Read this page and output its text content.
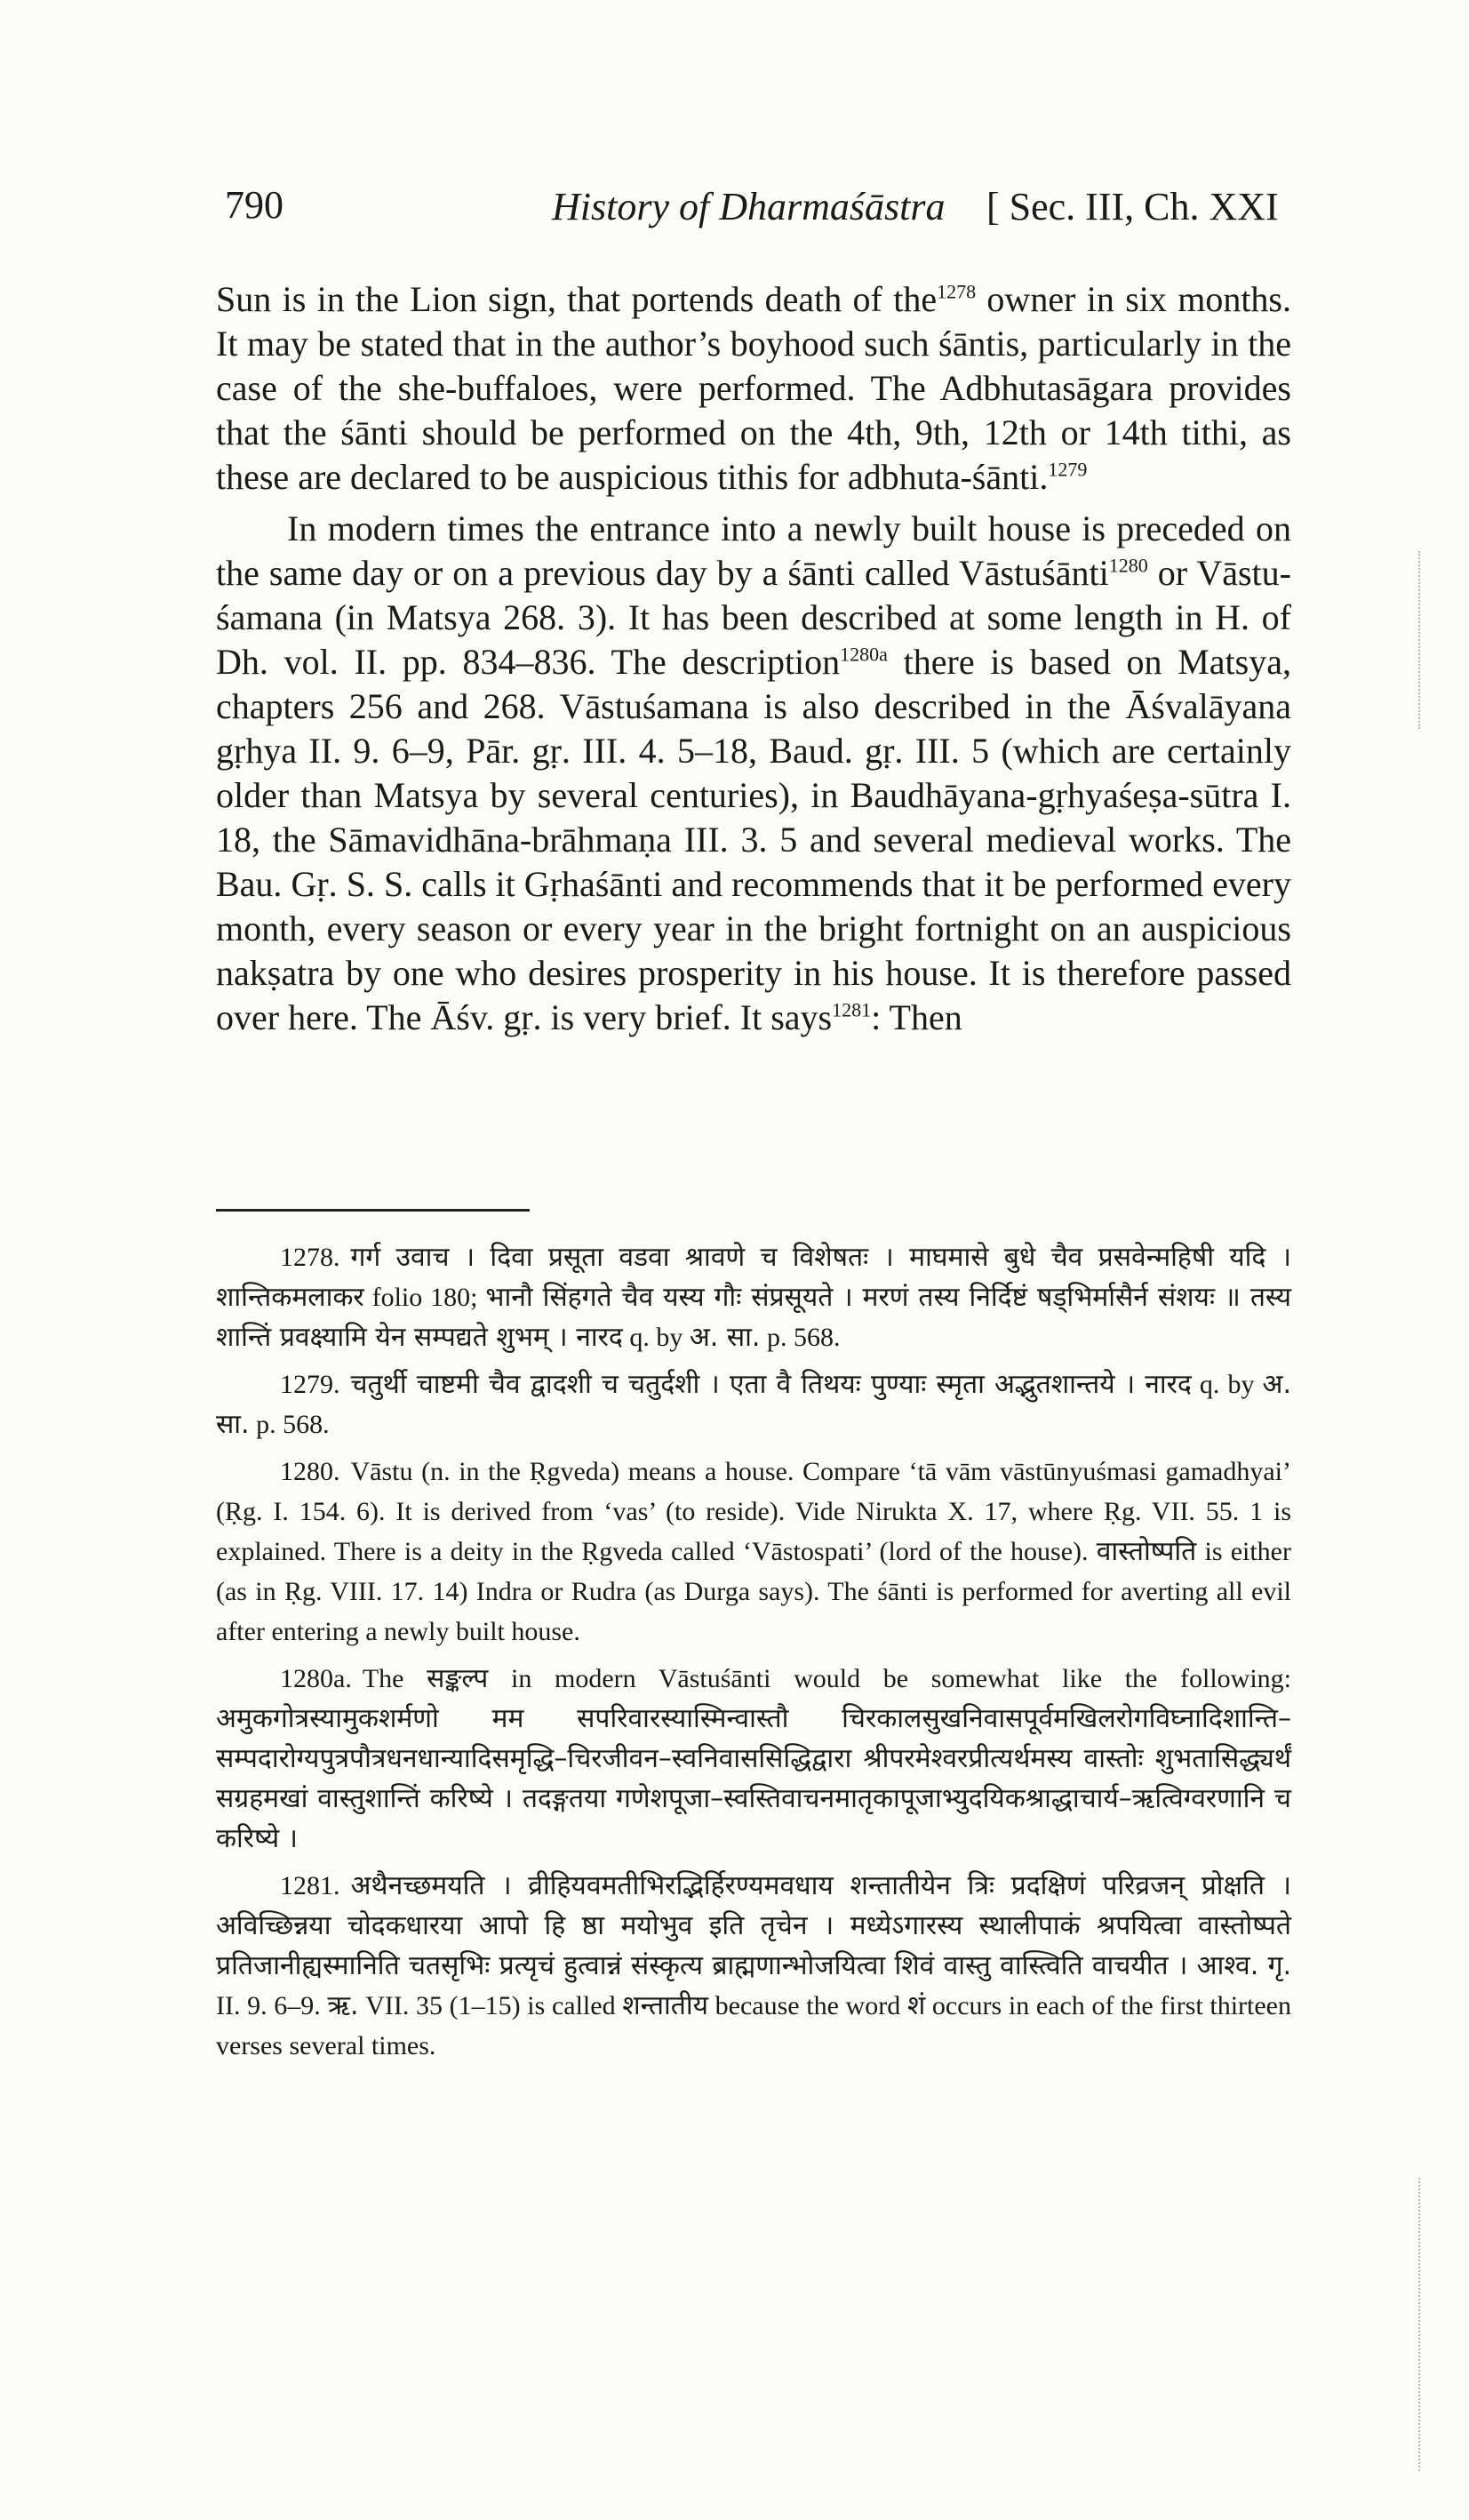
790	History of Dharmaśāstra [ Sec. III, Ch. XXI

Sun is in the Lion sign, that portends death of the$^{1278}$ owner in six months. It may be stated that in the author’s boyhood such śāntis, particularly in the case of the she-buffaloes, were performed. The Adbhutasāgara provides that the śānti should be performed on the 4th, 9th, 12th or 14th tithi, as these are declared to be auspicious tithis for adbhuta-śānti.$^{1279}$

In modern times the entrance into a newly built house is preceded on the same day or on a previous day by a śānti called Vāstuśānti$^{1280}$ or Vāstu-śamana (in Matsya 268. 3). It has been described at some length in H. of Dh. vol. II. pp. 834–836. The description$^{1280a}$ there is based on Matsya, chapters 256 and 268. Vāstuśamana is also described in the Āśvalāyana gṛhya II. 9. 6–9, Pār. gṛ. III. 4. 5–18, Baud. gṛ. III. 5 (which are certainly older than Matsya by several centuries), in Baudhāyana-gṛhyaśeṣa-sūtra I. 18, the Sāmavidhāna-brāhmaṇa III. 3. 5 and several medieval works. The Bau. Gṛ. S. S. calls it Gṛhaśānti and recommends that it be performed every month, every season or every year in the bright fortnight on an auspicious nakṣatra by one who desires prosperity in his house. It is therefore passed over here. The Āśv. gṛ. is very brief. It says$^{1281}$: Then

1278. गर्ग उवाच । दिवा प्रसूता वडवा श्रावणे च विशेषतः । माघमासे बुधे चैव प्रसवेन्महिषी यदि । शान्तिकमलाकर folio 180; भानौ सिंहगते चैव यस्य गौः संप्रसूयते । मरणं तस्य निर्दिष्टं षड्भिर्मासैर्न संशयः ॥ तस्य शान्तिं प्रवक्ष्यामि येन सम्पद्यते शुभम् । नारद q. by अ. सा. p. 568.

1279. चतुर्थी चाष्टमी चैव द्वादशी च चतुर्दशी । एता वै तिथयः पुण्याः स्मृता अद्भुतशान्तये । नारद q. by अ. सा. p. 568.

1280. Vāstu (n. in the Ṛgveda) means a house. Compare ‘tā vām vāstūnyuśmasi gamadhyai’ (Ṛg. I. 154. 6). It is derived from ‘vas’ (to reside). Vide Nirukta X. 17, where Ṛg. VII. 55. 1 is explained. There is a deity in the Ṛgveda called ‘Vāstospati’ (lord of the house). वास्तोष्पति is either (as in Ṛg. VIII. 17. 14) Indra or Rudra (as Durga says). The śānti is performed for averting all evil after entering a newly built house.

1280a. The सङ्कल्प in modern Vāstuśānti would be somewhat like the following: अमुकगोत्रस्यामुकशर्मणो मम सपरिवारस्यास्मिन्वास्तौ चिरकालसुखनिवासपूर्वमखिलरोगविघ्नादिशान्ति–सम्पदारोग्यपुत्रपौत्रधनधान्यादिसमृद्धि–चिरजीवन–स्वनिवाससिद्धिद्वारा श्रीपरमेश्वरप्रीत्यर्थमस्य वास्तोः शुभतासिद्ध्यर्थं सग्रहमखां वास्तुशान्तिं करिष्ये । तदङ्गतया गणेशपूजा–स्वस्तिवाचनमातृकापूजाभ्युदयिकश्राद्धाचार्य–ऋत्विग्वरणानि च करिष्ये ।

1281. अथैनच्छमयति । व्रीहियवमतीभिरद्भिर्हिरण्यमवधाय शन्तातीयेन त्रिः प्रदक्षिणं परिव्रजन् प्रोक्षति । अविच्छिन्नया चोदकधारया आपो हि ष्ठा मयोभुव इति तृचेन । मध्येऽगारस्य स्थालीपाकं श्रपयित्वा वास्तोष्पते प्रतिजानीह्यस्मानिति चतसृभिः प्रत्यृचं हुत्वान्नं संस्कृत्य ब्राह्मणान्भोजयित्वा शिवं वास्तु वास्त्विति वाचयीत । आश्व. गृ. II. 9. 6–9. ऋ. VII. 35 (1–15) is called शन्तातीय because the word शं occurs in each of the first thirteen verses several times.
